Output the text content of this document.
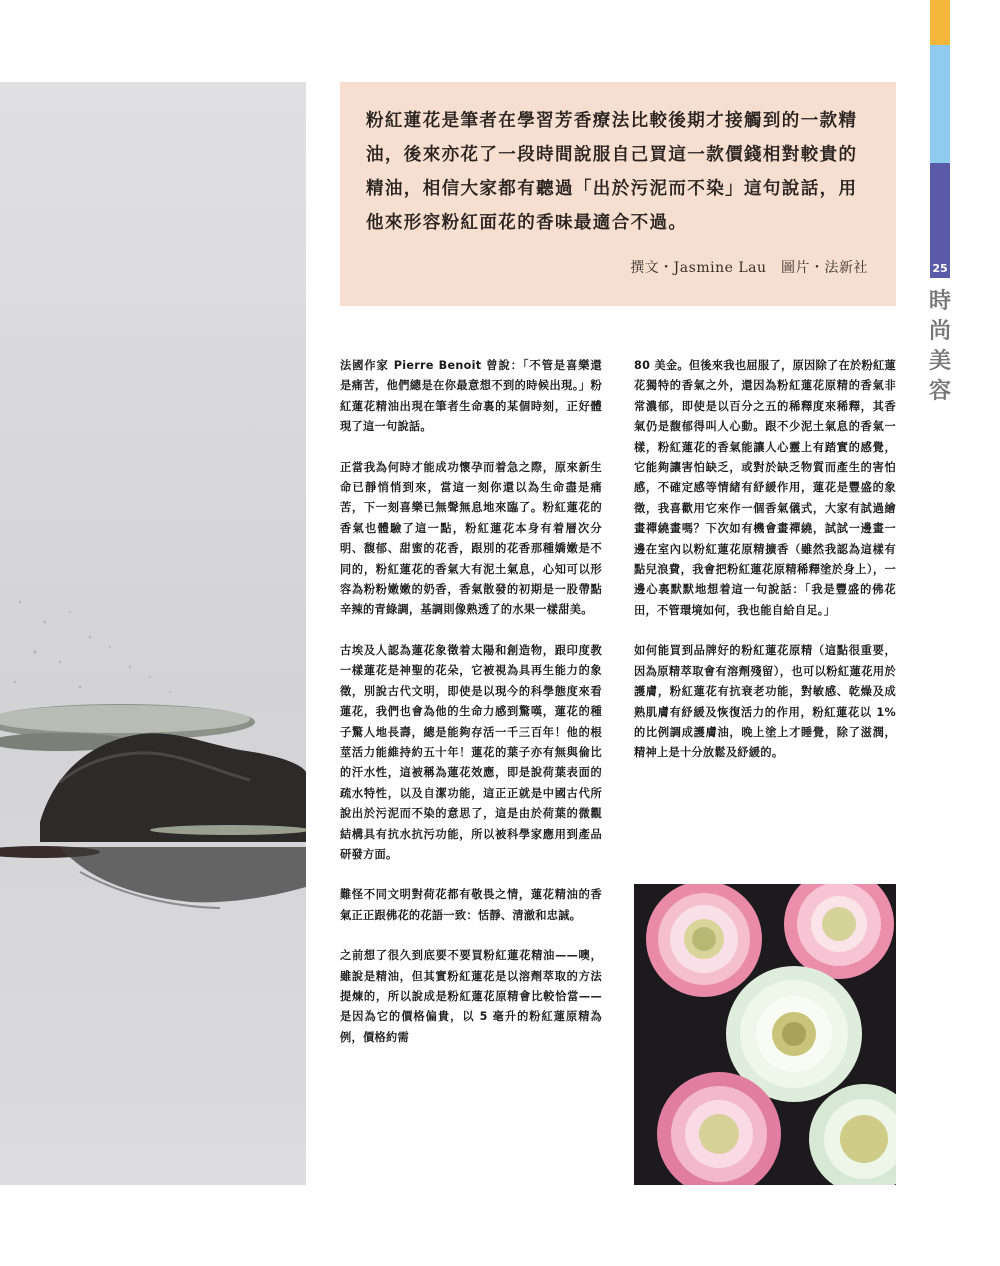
粉紅蓮花是筆者在學習芳香療法比較後期才接觸到的一款精油，後來亦花了一段時間說服自己買這一款價錢相對較貴的精油，相信大家都有聽過「出於污泥而不染」這句說話，用他來形容粉紅面花的香味最適合不過。

撰文・Jasmine Lau　圖片・法新社	25
時尚美容

法國作家 Pierre Benoit 曾說：「不管是喜樂還是痛苦，他們總是在你最意想不到的時候出現。」粉紅蓮花精油出現在筆者生命裏的某個時刻，正好體現了這一句說話。

正當我為何時才能成功懷孕而着急之際，原來新生命已靜悄悄到來，當這一刻你還以為生命盡是痛苦，下一刻喜樂已無聲無息地來臨了。粉紅蓮花的香氣也體驗了這一點，粉紅蓮花本身有着層次分明、馥郁、甜蜜的花香，跟別的花香那種嬌嫩是不同的，粉紅蓮花的香氣大有泥土氣息，心知可以形容為粉粉嫩嫩的奶香，香氣散發的初期是一股帶點辛辣的青綠調，基調則像熟透了的水果一樣甜美。

古埃及人認為蓮花象徵着太陽和創造物，跟印度教一樣蓮花是神聖的花朵，它被視為具再生能力的象徵，別說古代文明，即使是以現今的科學態度來看蓮花，我們也會為他的生命力感到驚嘆，蓮花的種子驚人地長壽，總是能夠存活一千三百年！他的根莖活力能維持約五十年！蓮花的葉子亦有無與倫比的汗水性，這被稱為蓮花效應，即是說荷葉表面的疏水特性，以及自潔功能，這正正就是中國古代所說出於污泥而不染的意思了，這是由於荷葉的微觀結構具有抗水抗污功能，所以被科學家應用到產品研發方面。

難怪不同文明對荷花都有敬畏之情，蓮花精油的香氣正正跟佛花的花語一致：恬靜、清澈和忠誠。

之前想了很久到底要不要買粉紅蓮花精油——噢，雖說是精油，但其實粉紅蓮花是以溶劑萃取的方法提煉的，所以說成是粉紅蓮花原精會比較恰當——是因為它的價格偏貴，以 5 毫升的粉紅蓮原精為例，價格約需

80 美金。但後來我也屈服了，原因除了在於粉紅蓮花獨特的香氣之外，還因為粉紅蓮花原精的香氣非常濃郁，即使是以百分之五的稀釋度來稀釋，其香氣仍是馥郁得叫人心動。跟不少泥土氣息的香氣一樣，粉紅蓮花的香氣能讓人心靈上有踏實的感覺，它能夠讓害怕缺乏，或對於缺乏物質而產生的害怕感，不確定感等情緒有紓緩作用，蓮花是豐盛的象徵，我喜歡用它來作一個香氣儀式，大家有試過繪畫禪繞畫嗎？下次如有機會畫禪繞，試試一邊畫一邊在室內以粉紅蓮花原精擴香（雖然我認為這樣有點兒浪費，我會把粉紅蓮花原精稀釋塗於身上），一邊心裏默默地想着這一句說話：「我是豐盛的佛花田，不管環境如何，我也能自給自足。」

如何能買到品牌好的粉紅蓮花原精（這點很重要，因為原精萃取會有溶劑殘留），也可以粉紅蓮花用於護膚，粉紅蓮花有抗衰老功能，對敏感、乾燥及成熟肌膚有紓緩及恢復活力的作用，粉紅蓮花以 1% 的比例調成護膚油，晚上塗上才睡覺，除了滋潤，精神上是十分放鬆及紓緩的。
